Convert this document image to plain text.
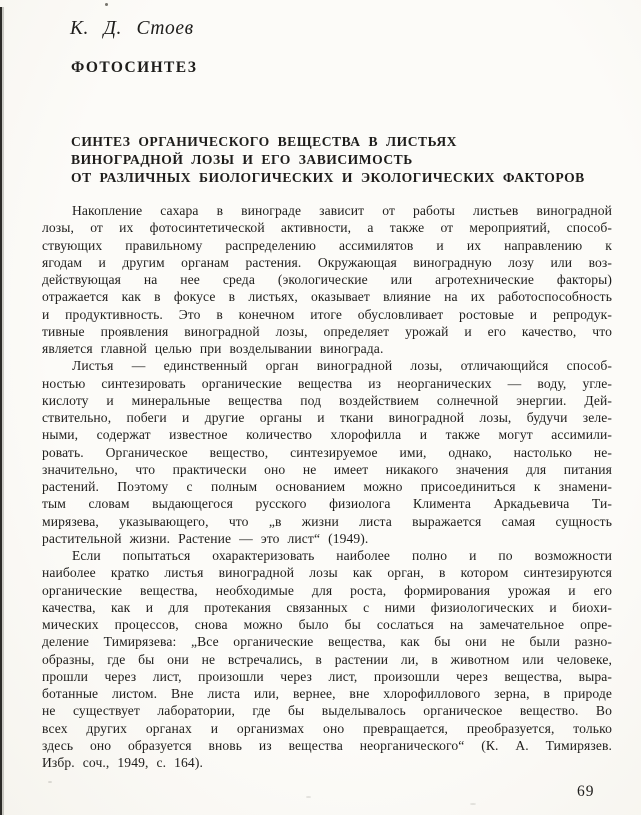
К. Д. Стоев
ФОТОСИНТЕЗ
СИНТЕЗ ОРГАНИЧЕСКОГО ВЕЩЕСТВА В ЛИСТЬЯХ
ВИНОГРАДНОЙ ЛОЗЫ И ЕГО ЗАВИСИМОСТЬ
ОТ РАЗЛИЧНЫХ БИОЛОГИЧЕСКИХ И ЭКОЛОГИЧЕСКИХ ФАКТОРОВ
Накопление сахара в винограде зависит от работы листьев виноградной
лозы, от их фотосинтетической активности, а также от мероприятий, способ-
ствующих правильному распределению ассимилятов и их направлению к
ягодам и другим органам растения. Окружающая виноградную лозу или воз-
действующая на нее среда (экологические или агротехнические факторы)
отражается как в фокусе в листьях, оказывает влияние на их работоспособность
и продуктивность. Это в конечном итоге обусловливает ростовые и репродук-
тивные проявления виноградной лозы, определяет урожай и его качество, что
является главной целью при возделывании винограда.
Листья — единственный орган виноградной лозы, отличающийся способ-
ностью синтезировать органические вещества из неорганических — воду, угле-
кислоту и минеральные вещества под воздействием солнечной энергии. Дей-
ствительно, побеги и другие органы и ткани виноградной лозы, будучи зеле-
ными, содержат известное количество хлорофилла и также могут ассимили-
ровать. Органическое вещество, синтезируемое ими, однако, настолько не-
значительно, что практически оно не имеет никакого значения для питания
растений. Поэтому с полным основанием можно присоединиться к знамени-
тым словам выдающегося русского физиолога Климента Аркадьевича Ти-
мирязева, указывающего, что „в жизни листа выражается самая сущность
растительной жизни. Растение — это лист“ (1949).
Если попытаться охарактеризовать наиболее полно и по возможности
наиболее кратко листья виноградной лозы как орган, в котором синтезируются
органические вещества, необходимые для роста, формирования урожая и его
качества, как и для протекания связанных с ними физиологических и биохи-
мических процессов, снова можно было бы сослаться на замечательное опре-
деление Тимирязева: „Все органические вещества, как бы они не были разно-
образны, где бы они не встречались, в растении ли, в животном или человеке,
прошли через лист, произошли через лист, произошли через вещества, выра-
ботанные листом. Вне листа или, вернее, вне хлорофиллового зерна, в природе
не существует лаборатории, где бы выделывалось органическое вещество. Во
всех других органах и организмах оно превращается, преобразуется, только
здесь оно образуется вновь из вещества неорганического“ (К. А. Тимирязев.
Избр. соч., 1949, с. 164).
69
